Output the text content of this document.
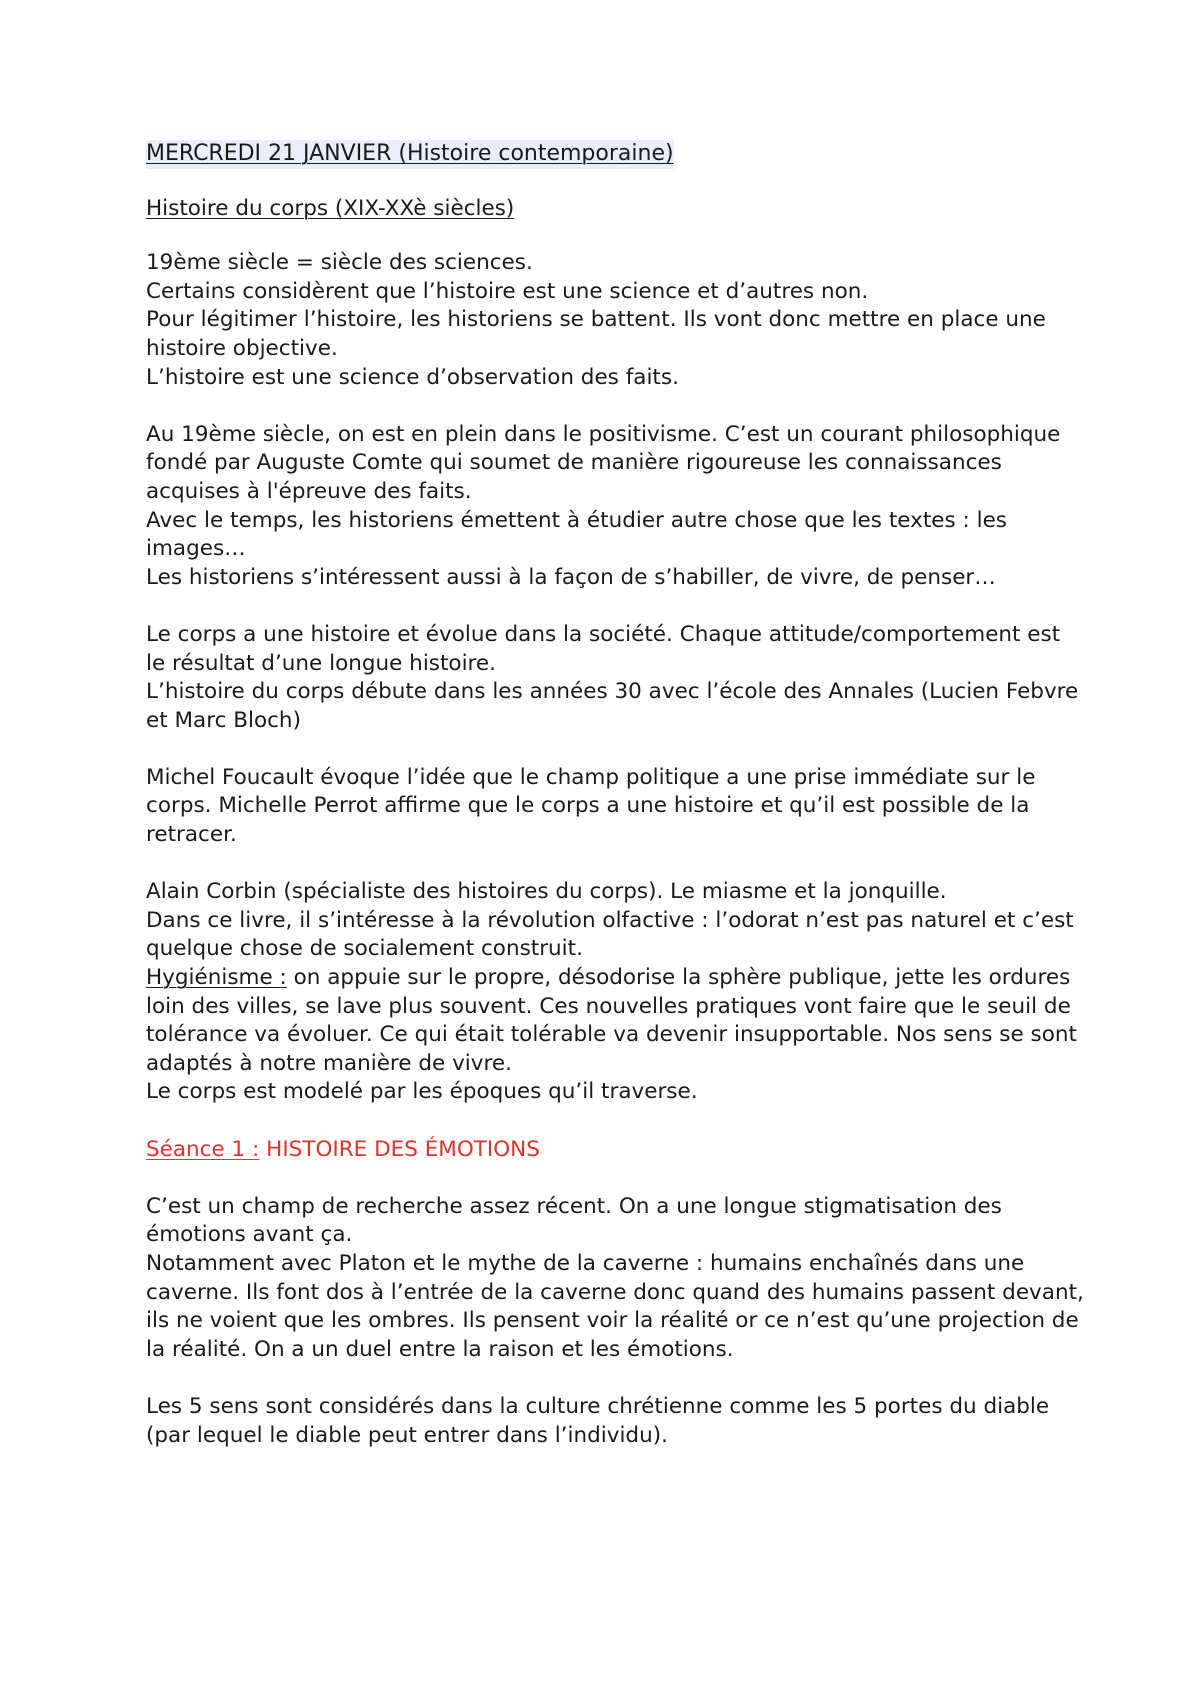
MERCREDI 21 JANVIER (Histoire contemporaine)
Histoire du corps (XIX-XXè siècles)

19ème siècle = siècle des sciences.
Certains considèrent que l’histoire est une science et d’autres non.
Pour légitimer l’histoire, les historiens se battent. Ils vont donc mettre en place une histoire objective.
L’histoire est une science d’observation des faits.

Au 19ème siècle, on est en plein dans le positivisme. C’est un courant philosophique fondé par Auguste Comte qui soumet de manière rigoureuse les connaissances acquises à l'épreuve des faits.
Avec le temps, les historiens émettent à étudier autre chose que les textes : les images…
Les historiens s’intéressent aussi à la façon de s’habiller, de vivre, de penser…

Le corps a une histoire et évolue dans la société. Chaque attitude/comportement est le résultat d’une longue histoire.
L’histoire du corps débute dans les années 30 avec l’école des Annales (Lucien Febvre et Marc Bloch)

Michel Foucault évoque l’idée que le champ politique a une prise immédiate sur le corps. Michelle Perrot affirme que le corps a une histoire et qu’il est possible de la retracer.

Alain Corbin (spécialiste des histoires du corps). Le miasme et la jonquille.
Dans ce livre, il s’intéresse à la révolution olfactive : l’odorat n’est pas naturel et c’est quelque chose de socialement construit.
Hygiénisme : on appuie sur le propre, désodorise la sphère publique, jette les ordures loin des villes, se lave plus souvent. Ces nouvelles pratiques vont faire que le seuil de tolérance va évoluer. Ce qui était tolérable va devenir insupportable. Nos sens se sont adaptés à notre manière de vivre.
Le corps est modelé par les époques qu’il traverse.

Séance 1 : HISTOIRE DES ÉMOTIONS

C’est un champ de recherche assez récent. On a une longue stigmatisation des émotions avant ça.
Notamment avec Platon et le mythe de la caverne : humains enchaînés dans une caverne. Ils font dos à l’entrée de la caverne donc quand des humains passent devant, ils ne voient que les ombres. Ils pensent voir la réalité or ce n’est qu’une projection de la réalité. On a un duel entre la raison et les émotions.

Les 5 sens sont considérés dans la culture chrétienne comme les 5 portes du diable (par lequel le diable peut entrer dans l’individu).
